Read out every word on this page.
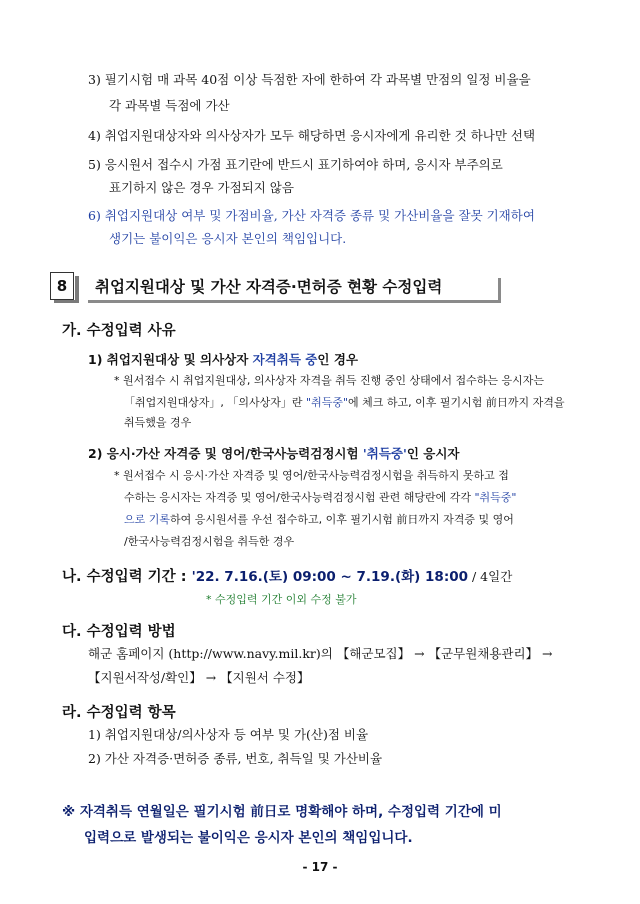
3) 필기시험 매 과목 40점 이상 득점한 자에 한하여 각 과목별 만점의 일정 비율을
각 과목별 득점에 가산
4) 취업지원대상자와 의사상자가 모두 해당하면 응시자에게 유리한 것 하나만 선택
5) 응시원서 접수시 가점 표기란에 반드시 표기하여야 하며, 응시자 부주의로
표기하지 않은 경우 가점되지 않음
6) 취업지원대상 여부 및 가점비율, 가산 자격증 종류 및 가산비율을 잘못 기재하여
생기는 불이익은 응시자 본인의 책임입니다.
8 취업지원대상 및 가산 자격증·면허증 현황 수정입력
가. 수정입력 사유
1) 취업지원대상 및 의사상자 자격취득 중인 경우
* 원서접수 시 취업지원대상, 의사상자 자격을 취득 진행 중인 상태에서 접수하는 응시자는
「취업지원대상자」, 「의사상자」란 "취득중"에 체크 하고, 이후 필기시험 前日까지 자격을
취득했을 경우
2) 응시·가산 자격증 및 영어/한국사능력검정시험 '취득중'인 응시자
* 원서접수 시 응시·가산 자격증 및 영어/한국사능력검정시험을 취득하지 못하고 접
수하는 응시자는 자격증 및 영어/한국사능력검정시험 관련 해당란에 각각 "취득중"
으로 기록하여 응시원서를 우선 접수하고, 이후 필기시험 前日까지 자격증 및 영어
/한국사능력검정시험을 취득한 경우
나. 수정입력 기간 : '22. 7.16.(토) 09:00 ~ 7.19.(화) 18:00 / 4일간
* 수정입력 기간 이외 수정 불가
다. 수정입력 방법
해군 홈페이지 (http://www.navy.mil.kr)의 【해군모집】 → 【군무원채용관리】 →
【지원서작성/확인】 → 【지원서 수정】
라. 수정입력 항목
1) 취업지원대상/의사상자 등 여부 및 가(산)점 비율
2) 가산 자격증·면허증 종류, 번호, 취득일 및 가산비율
※ 자격취득 연월일은 필기시험 前日로 명확해야 하며, 수정입력 기간에 미
입력으로 발생되는 불이익은 응시자 본인의 책임입니다.
- 17 -
